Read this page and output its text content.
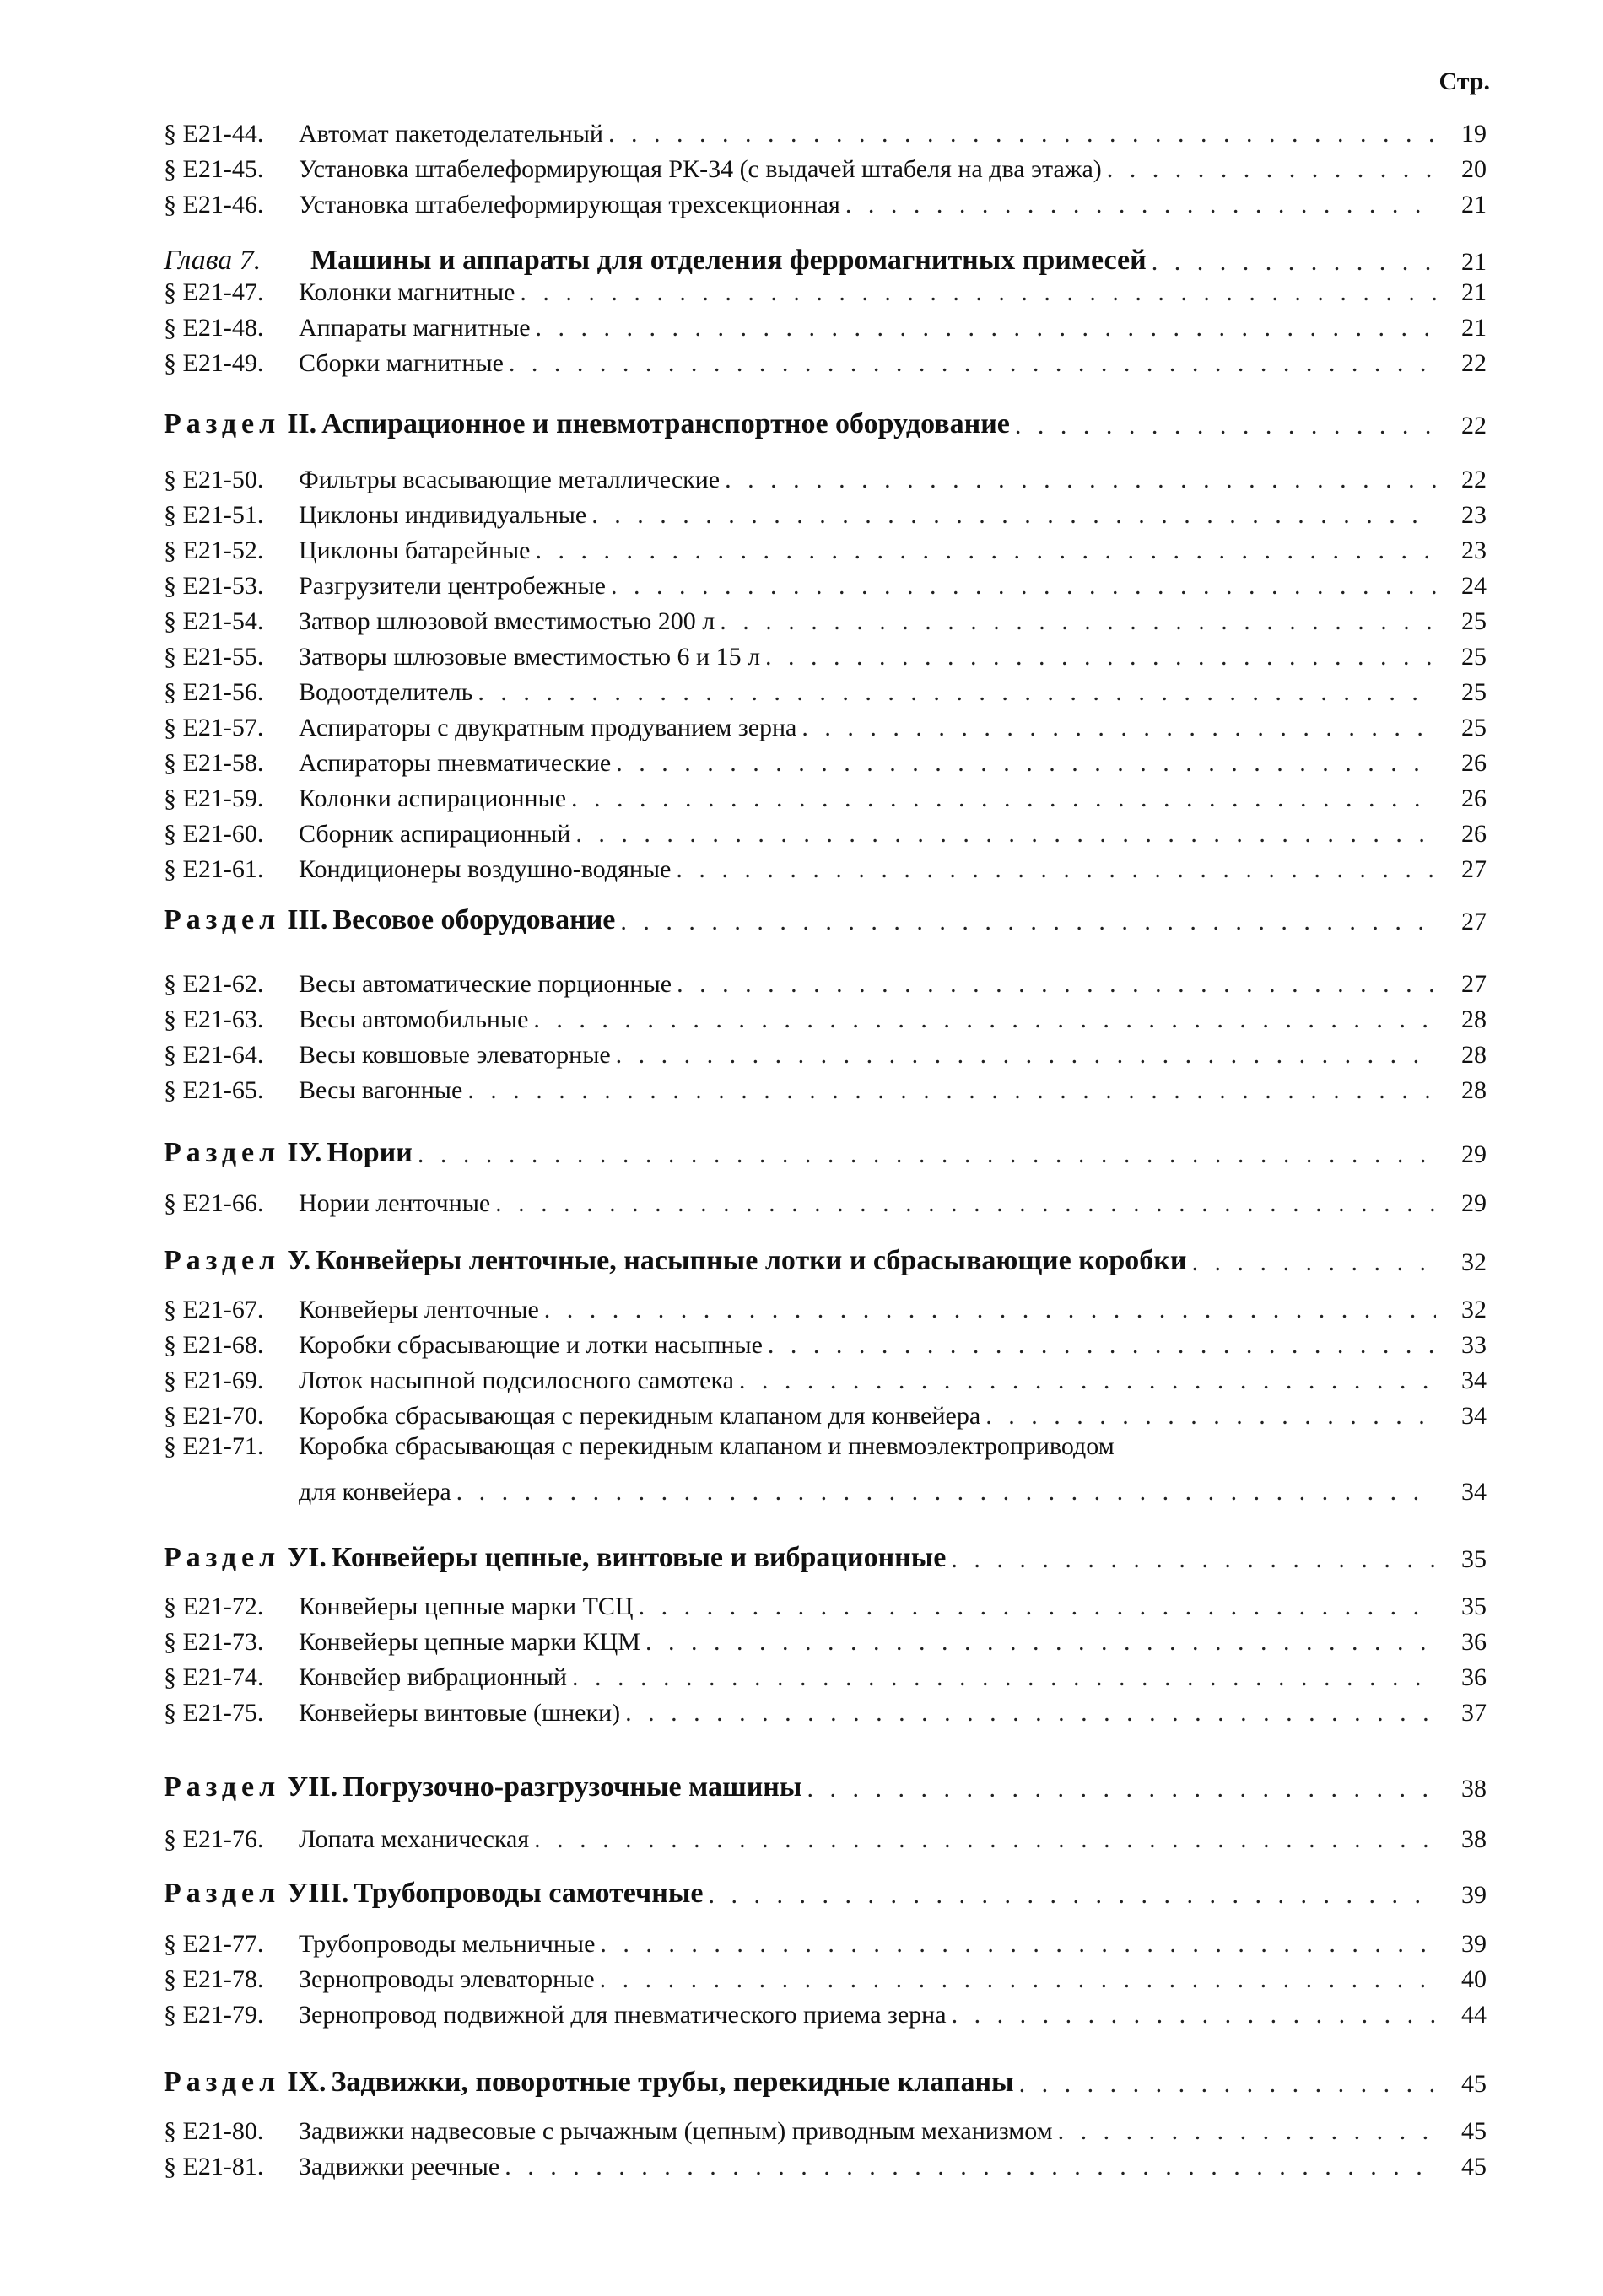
Стр.
§ E21-44.	Автомат пакетоделательный . . .	19
§ E21-45.	Установка штабелеформирующая РК-34 (с выдачей штабеля на два этажа) . . .	20
§ E21-46.	Установка штабелеформирующая трехсекционная . . .	21
Глава 7.	Машины и аппараты для отделения ферромагнитных примесей . . .	21
§ E21-47.	Колонки магнитные . . .	21
§ E21-48.	Аппараты магнитные . . .	21
§ E21-49.	Сборки магнитные . . .	22
Раздел II. Аспирационное и пневмотранспортное оборудование . . .	22
§ E21-50.	Фильтры всасывающие металлические . . .	22
§ E21-51.	Циклоны индивидуальные . . .	23
§ E21-52.	Циклоны батарейные . . .	23
§ E21-53.	Разгрузители центробежные . . .	24
§ E21-54.	Затвор шлюзовой вместимостью 200 л . . .	25
§ E21-55.	Затворы шлюзовые вместимостью 6 и 15 л . . .	25
§ E21-56.	Водоотделитель . . .	25
§ E21-57.	Аспираторы с двукратным продуванием зерна . . .	25
§ E21-58.	Аспираторы пневматические . . .	26
§ E21-59.	Колонки аспирационные . . .	26
§ E21-60.	Сборник аспирационный . . .	26
§ E21-61.	Кондиционеры воздушно-водяные . . .	27
Раздел III. Весовое оборудование . . .	27
§ E21-62.	Весы автоматические порционные . . .	27
§ E21-63.	Весы автомобильные . . .	28
§ E21-64.	Весы ковшовые элеваторные . . .	28
§ E21-65.	Весы вагонные . . .	28
Раздел IУ. Нории . . .	29
§ E21-66.	Нории ленточные . . .	29
Раздел У. Конвейеры ленточные, насыпные лотки и сбрасывающие коробки . . .	32
§ E21-67.	Конвейеры ленточные . . .	32
§ E21-68.	Коробки сбрасывающие и лотки насыпные . . .	33
§ E21-69.	Лоток насыпной подсилосного самотека . . .	34
§ E21-70.	Коробка сбрасывающая с перекидным клапаном для конвейера . . .	34
§ E21-71.	Коробка сбрасывающая с перекидным клапаном и пневмоэлектроприводом
для конвейера . . .	34
Раздел УI. Конвейеры цепные, винтовые и вибрационные . . .	35
§ E21-72.	Конвейеры цепные марки ТСЦ . . .	35
§ E21-73.	Конвейеры цепные марки КЦМ . . .	36
§ E21-74.	Конвейер вибрационный . . .	36
§ E21-75.	Конвейеры винтовые (шнеки) . . .	37
Раздел УII. Погрузочно-разгрузочные машины . . .	38
§ E21-76.	Лопата механическая . . .	38
Раздел УIII. Трубопроводы самотечные . . .	39
§ E21-77.	Трубопроводы мельничные . . .	39
§ E21-78.	Зернопроводы элеваторные . . .	40
§ E21-79.	Зернопровод подвижной для пневматического приема зерна . . .	44
Раздел IX. Задвижки, поворотные трубы, перекидные клапаны . . .	45
§ E21-80.	Задвижки надвесовые с рычажным (цепным) приводным механизмом . . .	45
§ E21-81.	Задвижки реечные . . .	45
